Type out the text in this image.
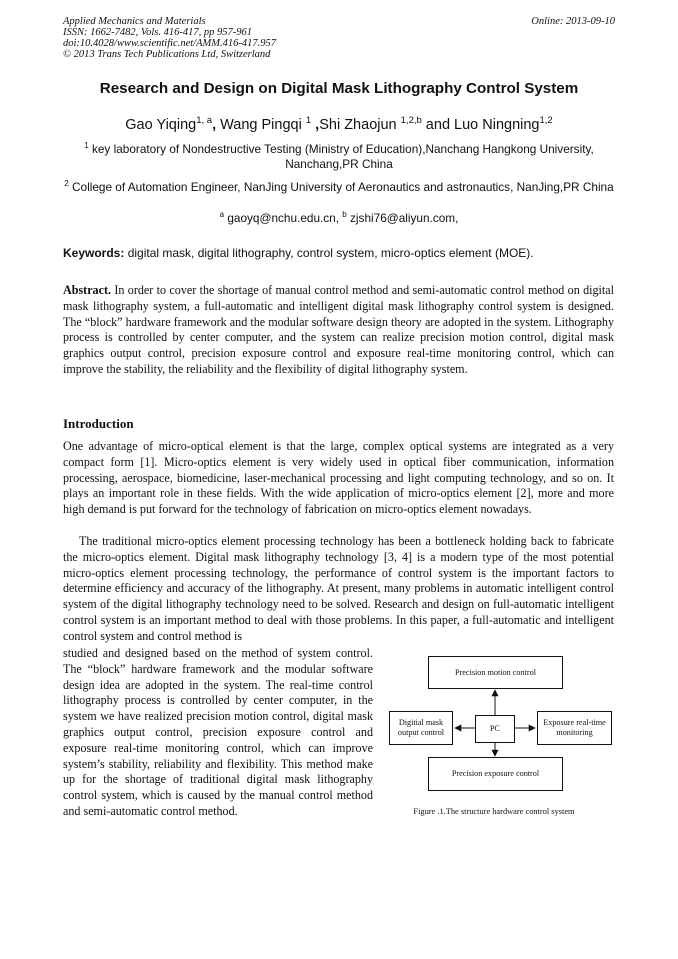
Applied Mechanics and Materials
ISSN: 1662-7482, Vols. 416-417, pp 957-961
doi:10.4028/www.scientific.net/AMM.416-417.957
© 2013 Trans Tech Publications Ltd, Switzerland
Online: 2013-09-10
Research and Design on Digital Mask Lithography Control System
Gao Yiqing$^{1, a}$, Wang Pingqi $^1$ ,Shi Zhaojun $^{1,2,b}$ and Luo Ningning$^{1,2}$
$^1$ key laboratory of Nondestructive Testing (Ministry of Education),Nanchang Hangkong University, Nanchang,PR China
$^2$ College of Automation Engineer, NanJing University of Aeronautics and astronautics, NanJing,PR China
$^a$ gaoyq@nchu.edu.cn, $^b$ zjshi76@aliyun.com,
Keywords: digital mask, digital lithography, control system, micro-optics element (MOE).
Abstract. In order to cover the shortage of manual control method and semi-automatic control method on digital mask lithography system, a full-automatic and intelligent digital mask lithography control system is designed. The “block” hardware framework and the modular software design theory are adopted in the system. Lithography process is controlled by center computer, and the system can realize precision motion control, digital mask graphics output control, precision exposure control and exposure real-time monitoring control, which can improve the stability, the reliability and the flexibility of digital lithography system.
Introduction
One advantage of micro-optical element is that the large, complex optical systems are integrated as a very compact form [1]. Micro-optics element is very widely used in optical fiber communication, information processing, aerospace, biomedicine, laser-mechanical processing and light computing technology, and so on. It plays an important role in these fields. With the wide application of micro-optics element [2], more and more high demand is put forward for the technology of fabrication on micro-optics element nowadays.
The traditional micro-optics element processing technology has been a bottleneck holding back to fabricate the micro-optics element. Digital mask lithography technology [3, 4] is a modern type of the most potential micro-optics element processing technology, the performance of control system is the important factors to determine efficiency and accuracy of the lithography. At present, many problems in automatic intelligent control system of the digital lithography technology need to be solved. Research and design on full-automatic intelligent control system is an important method to deal with those problems. In this paper, a full-automatic and intelligent control system and control method is
studied and designed based on the method of system control. The “block” hardware framework and the modular software design idea are adopted in the system. The real-time control lithography process is controlled by center computer, in the system we have realized precision motion control, digital mask graphics output control, precision exposure control and exposure real-time monitoring control, which can improve system’s stability, reliability and flexibility. This method make up for the shortage of traditional digital mask lithography control system, which is caused by the manual control method and semi-automatic control method.
Precision motion control
Digitial mask
output control	PC
Exposure real-time
monitoring
Precision exposure control
Figure .1.The structure hardware control system
